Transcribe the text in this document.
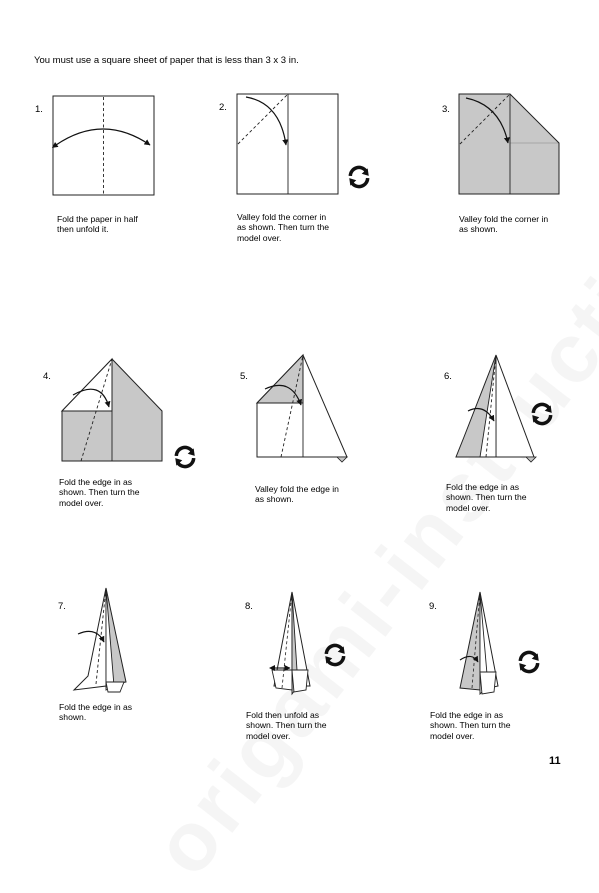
You must use a square sheet of paper that is less than 3 x 3 in.
1.
Fold the paper in half
then unfold it.
2.
Valley fold the corner in
as shown. Then turn the
model over.
3.
Valley fold the corner in
as shown.
4.
Fold the edge in as
shown. Then turn the
model over.
5.
Valley fold the edge in
as shown.
6.
Fold the edge in as
shown. Then turn the
model over.
7.
Fold the edge in as
shown.
8.
Fold then unfold as
shown. Then turn the
model over.
9.
Fold the edge in as
shown. Then turn the
model over.
11
